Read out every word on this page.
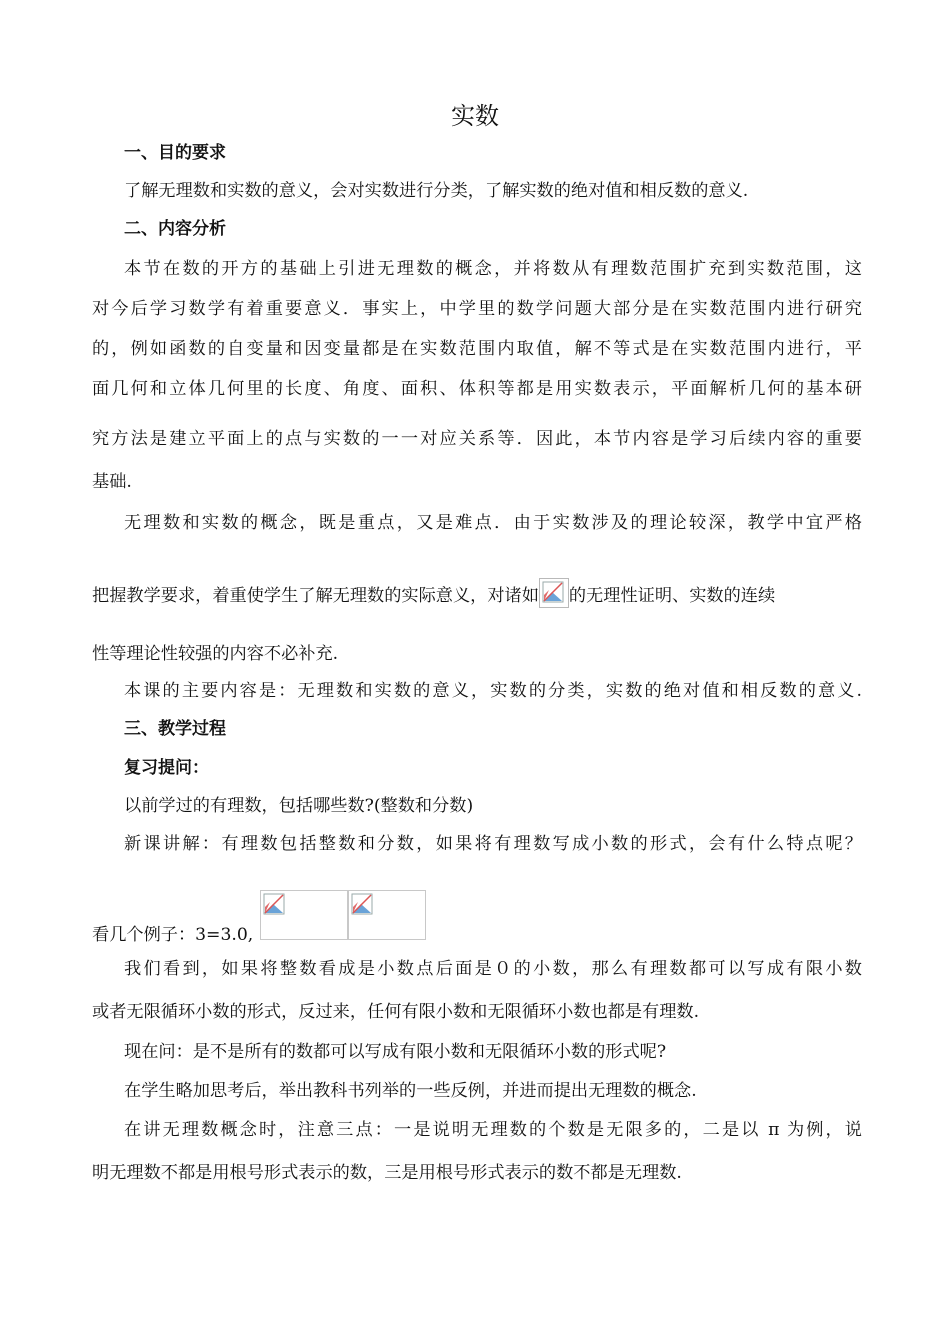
实数
一、目的要求
了解无理数和实数的意义，会对实数进行分类，了解实数的绝对值和相反数的意义.
二、内容分析
本节在数的开方的基础上引进无理数的概念，并将数从有理数范围扩充到实数范围，这
对今后学习数学有着重要意义．事实上，中学里的数学问题大部分是在实数范围内进行研究
的，例如函数的自变量和因变量都是在实数范围内取值，解不等式是在实数范围内进行，平
面几何和立体几何里的长度、角度、面积、体积等都是用实数表示，平面解析几何的基本研
究方法是建立平面上的点与实数的一一对应关系等．因此，本节内容是学习后续内容的重要
基础.
无理数和实数的概念，既是重点，又是难点．由于实数涉及的理论较深，教学中宜严格
把握教学要求，着重使学生了解无理数的实际意义，对诸如 的无理性证明、实数的连续
性等理论性较强的内容不必补充.
本课的主要内容是：无理数和实数的意义，实数的分类，实数的绝对值和相反数的意义.
三、教学过程
复习提问：
以前学过的有理数，包括哪些数?(整数和分数)
新课讲解：有理数包括整数和分数，如果将有理数写成小数的形式，会有什么特点呢？
看几个例子：3=3.0,
我们看到，如果将整数看成是小数点后面是０的小数，那么有理数都可以写成有限小数
或者无限循环小数的形式，反过来，任何有限小数和无限循环小数也都是有理数.
现在问：是不是所有的数都可以写成有限小数和无限循环小数的形式呢?
在学生略加思考后，举出教科书列举的一些反例，并进而提出无理数的概念.
在讲无理数概念时，注意三点：一是说明无理数的个数是无限多的，二是以 π 为例，说
明无理数不都是用根号形式表示的数，三是用根号形式表示的数不都是无理数.
